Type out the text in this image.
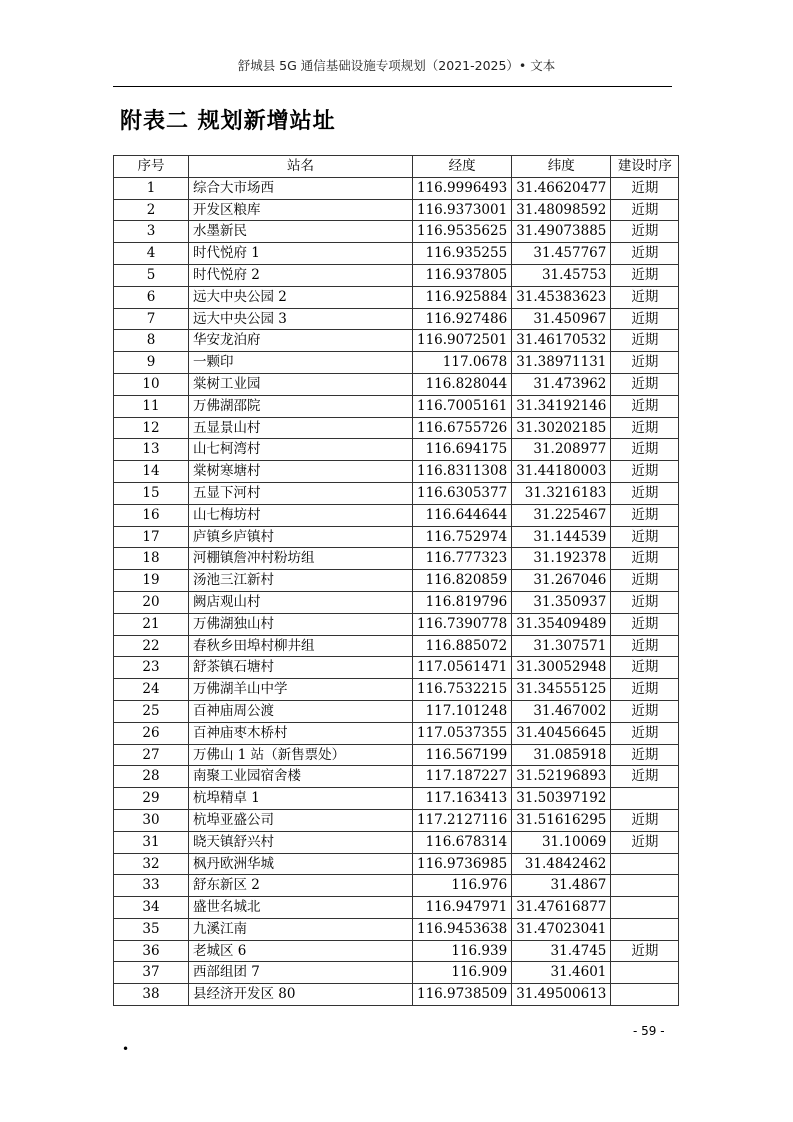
舒城县 5G 通信基础设施专项规划（2021-2025）• 文本
附表二 规划新增站址
序号	站名	经度	纬度	建设时序
1	综合大市场西	116.9996493	31.46620477	近期
2	开发区粮库	116.9373001	31.48098592	近期
3	水墨新民	116.9535625	31.49073885	近期
4	时代悦府 1	116.935255	31.457767	近期
5	时代悦府 2	116.937805	31.45753	近期
6	远大中央公园 2	116.925884	31.45383623	近期
7	远大中央公园 3	116.927486	31.450967	近期
8	华安龙泊府	116.9072501	31.46170532	近期
9	一颗印	117.0678	31.38971131	近期
10	棠树工业园	116.828044	31.473962	近期
11	万佛湖邵院	116.7005161	31.34192146	近期
12	五显景山村	116.6755726	31.30202185	近期
13	山七柯湾村	116.694175	31.208977	近期
14	棠树寒塘村	116.8311308	31.44180003	近期
15	五显下河村	116.6305377	31.3216183	近期
16	山七梅坊村	116.644644	31.225467	近期
17	庐镇乡庐镇村	116.752974	31.144539	近期
18	河棚镇詹冲村粉坊组	116.777323	31.192378	近期
19	汤池三江新村	116.820859	31.267046	近期
20	阙店观山村	116.819796	31.350937	近期
21	万佛湖独山村	116.7390778	31.35409489	近期
22	春秋乡田埠村柳井组	116.885072	31.307571	近期
23	舒茶镇石塘村	117.0561471	31.30052948	近期
24	万佛湖羊山中学	116.7532215	31.34555125	近期
25	百神庙周公渡	117.101248	31.467002	近期
26	百神庙枣木桥村	117.0537355	31.40456645	近期
27	万佛山 1 站（新售票处）	116.567199	31.085918	近期
28	南聚工业园宿舍楼	117.187227	31.52196893	近期
29	杭埠精卓 1	117.163413	31.50397192	
30	杭埠亚盛公司	117.2127116	31.51616295	近期
31	晓天镇舒兴村	116.678314	31.10069	近期
32	枫丹欧洲华城	116.9736985	31.4842462	
33	舒东新区 2	116.976	31.4867	
34	盛世名城北	116.947971	31.47616877	
35	九溪江南	116.9453638	31.47023041	
36	老城区 6	116.939	31.4745	近期
37	西部组团 7	116.909	31.4601	
38	县经济开发区 80	116.9738509	31.49500613	
- 59 -
•
